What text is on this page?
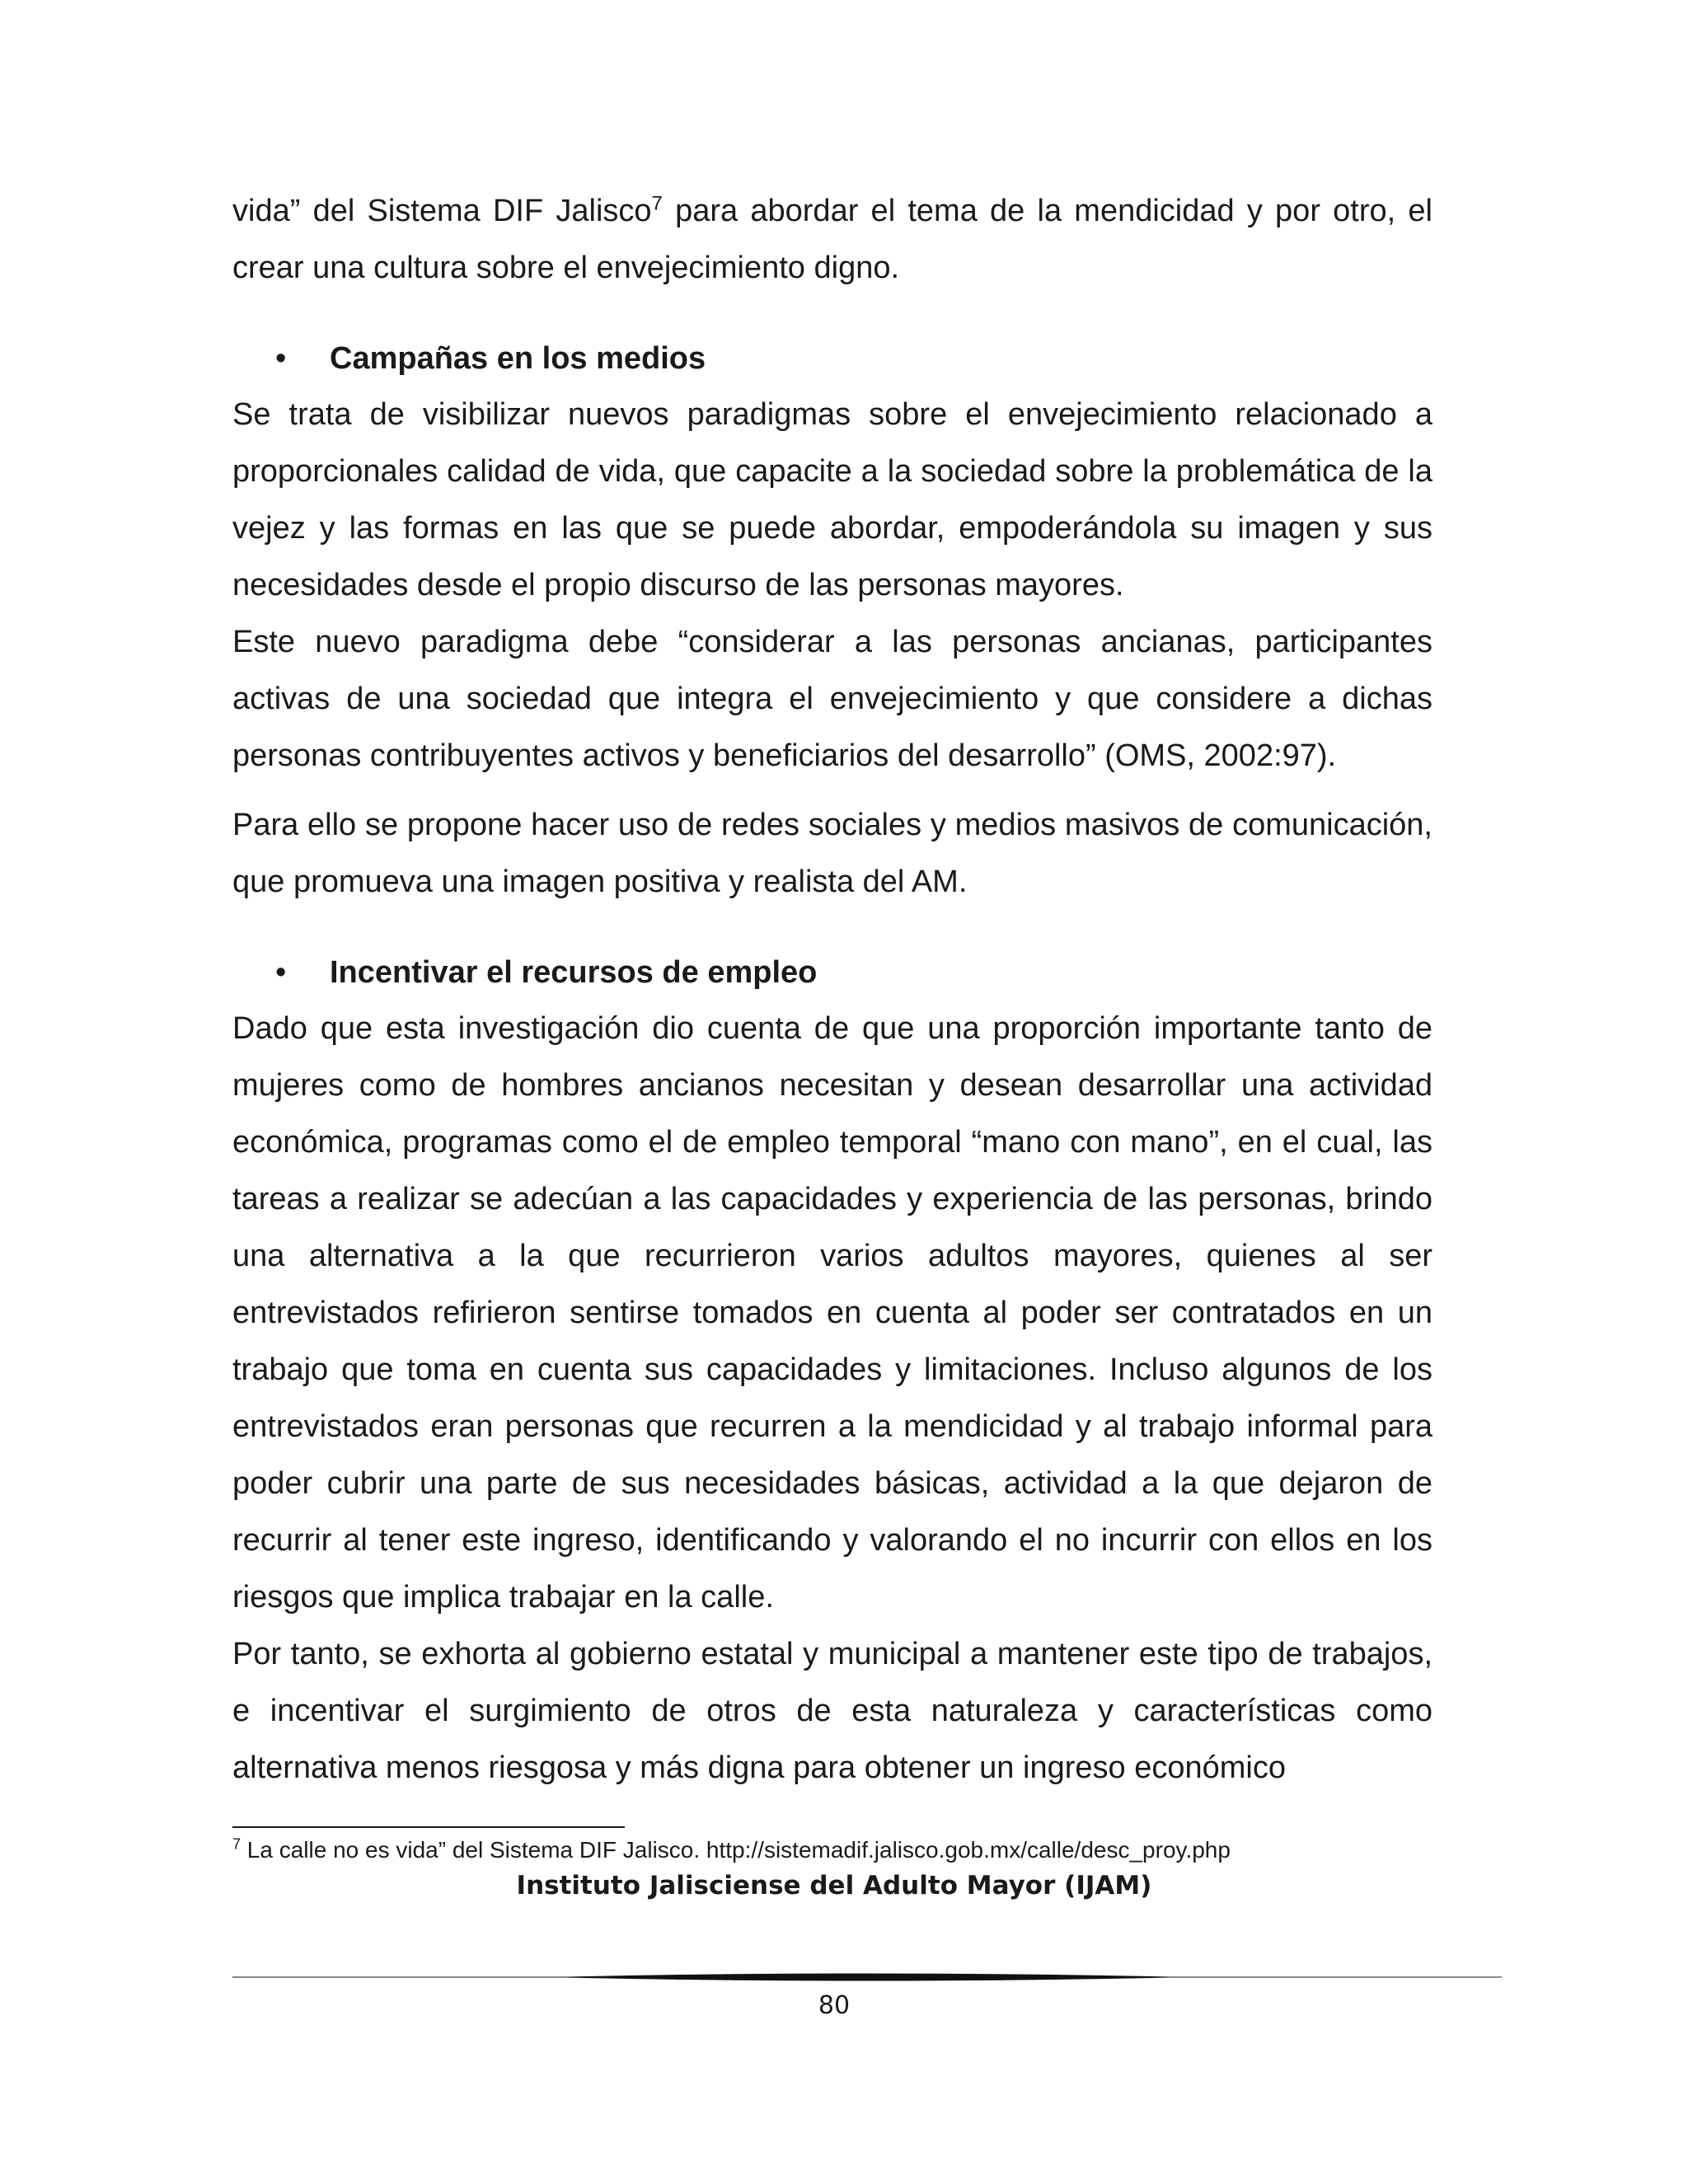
vida” del Sistema DIF Jalisco$^7$ para abordar el tema de la mendicidad y por otro, el crear una cultura sobre el envejecimiento digno.

•	Campañas en los medios

Se trata de visibilizar nuevos paradigmas sobre el envejecimiento relacionado a proporcionales calidad de vida, que capacite a la sociedad sobre la problemática de la vejez y las formas en las que se puede abordar, empoderándola su imagen y sus necesidades desde el propio discurso de las personas mayores.

Este nuevo paradigma debe “considerar a las personas ancianas, participantes activas de una sociedad que integra el envejecimiento y que considere a dichas personas contribuyentes activos y beneficiarios del desarrollo” (OMS, 2002:97).

Para ello se propone hacer uso de redes sociales y medios masivos de comunicación, que promueva una imagen positiva y realista del AM.

•	Incentivar el recursos de empleo

Dado que esta investigación dio cuenta de que una proporción importante tanto de mujeres como de hombres ancianos necesitan y desean desarrollar una actividad económica, programas como el de empleo temporal “mano con mano”, en el cual, las tareas a realizar se adecúan a las capacidades y experiencia de las personas, brindo una alternativa a la que recurrieron varios adultos mayores, quienes al ser entrevistados refirieron sentirse tomados en cuenta al poder ser contratados en un trabajo que toma en cuenta sus capacidades y limitaciones. Incluso algunos de los entrevistados eran personas que recurren a la mendicidad y al trabajo informal para poder cubrir una parte de sus necesidades básicas, actividad a la que dejaron de recurrir al tener este ingreso, identificando y valorando el no incurrir con ellos en los riesgos que implica trabajar en la calle.

Por tanto, se exhorta al gobierno estatal y municipal a mantener este tipo de trabajos, e incentivar el surgimiento de otros de esta naturaleza y características como alternativa menos riesgosa y más digna para obtener un ingreso económico

$^7$ La calle no es vida” del Sistema DIF Jalisco. http://sistemadif.jalisco.gob.mx/calle/desc_proy.php

Instituto Jalisciense del Adulto Mayor (IJAM)

80
